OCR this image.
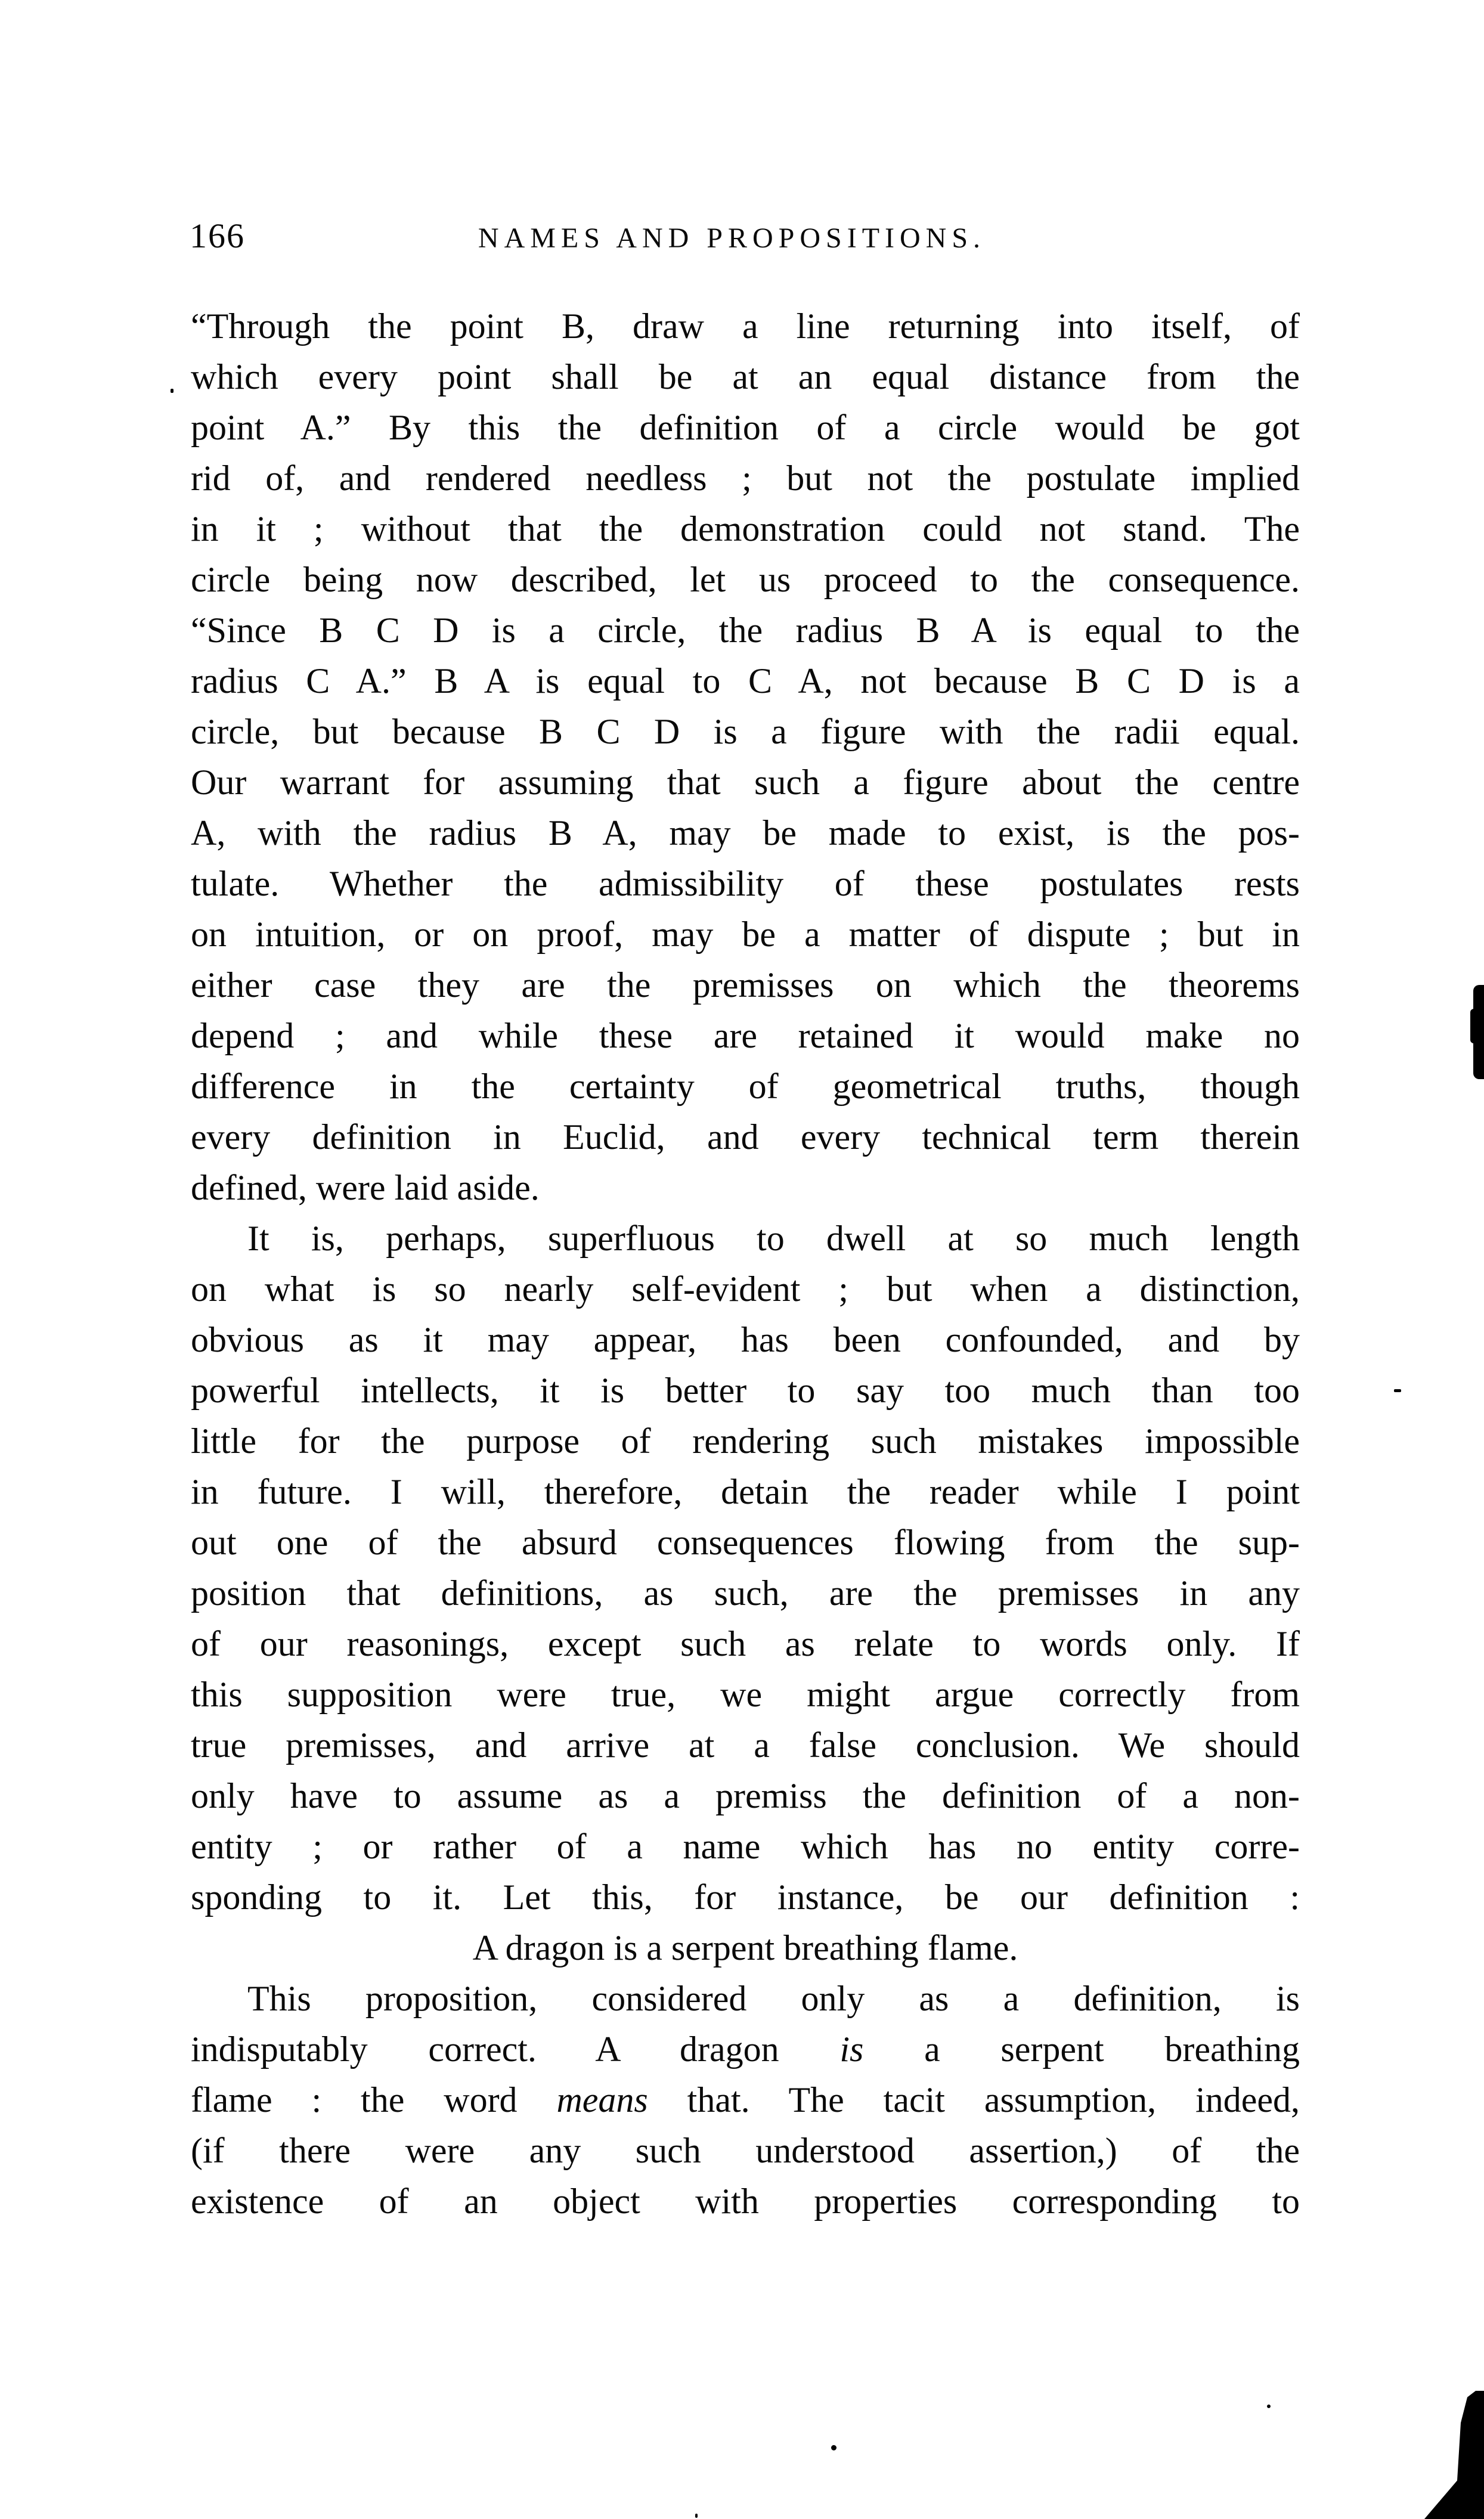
166	NAMES AND PROPOSITIONS.
“Through the point B, draw a line returning into itself, of
which every point shall be at an equal distance from the
point A.” By this the definition of a circle would be got
rid of, and rendered needless ; but not the postulate implied
in it ; without that the demonstration could not stand. The
circle being now described, let us proceed to the consequence.
“Since B C D is a circle, the radius B A is equal to the
radius C A.” B A is equal to C A, not because B C D is a
circle, but because B C D is a figure with the radii equal.
Our warrant for assuming that such a figure about the centre
A, with the radius B A, may be made to exist, is the pos-
tulate. Whether the admissibility of these postulates rests
on intuition, or on proof, may be a matter of dispute ; but in
either case they are the premisses on which the theorems
depend ; and while these are retained it would make no
difference in the certainty of geometrical truths, though
every definition in Euclid, and every technical term therein
defined, were laid aside.
It is, perhaps, superfluous to dwell at so much length
on what is so nearly self-evident ; but when a distinction,
obvious as it may appear, has been confounded, and by
powerful intellects, it is better to say too much than too
little for the purpose of rendering such mistakes impossible
in future. I will, therefore, detain the reader while I point
out one of the absurd consequences flowing from the sup-
position that definitions, as such, are the premisses in any
of our reasonings, except such as relate to words only. If
this supposition were true, we might argue correctly from
true premisses, and arrive at a false conclusion. We should
only have to assume as a premiss the definition of a non-
entity ; or rather of a name which has no entity corre-
sponding to it. Let this, for instance, be our definition :
A dragon is a serpent breathing flame.
This proposition, considered only as a definition, is
indisputably correct. A dragon is a serpent breathing
flame : the word means that. The tacit assumption, indeed,
(if there were any such understood assertion,) of the
existence of an object with properties corresponding to
